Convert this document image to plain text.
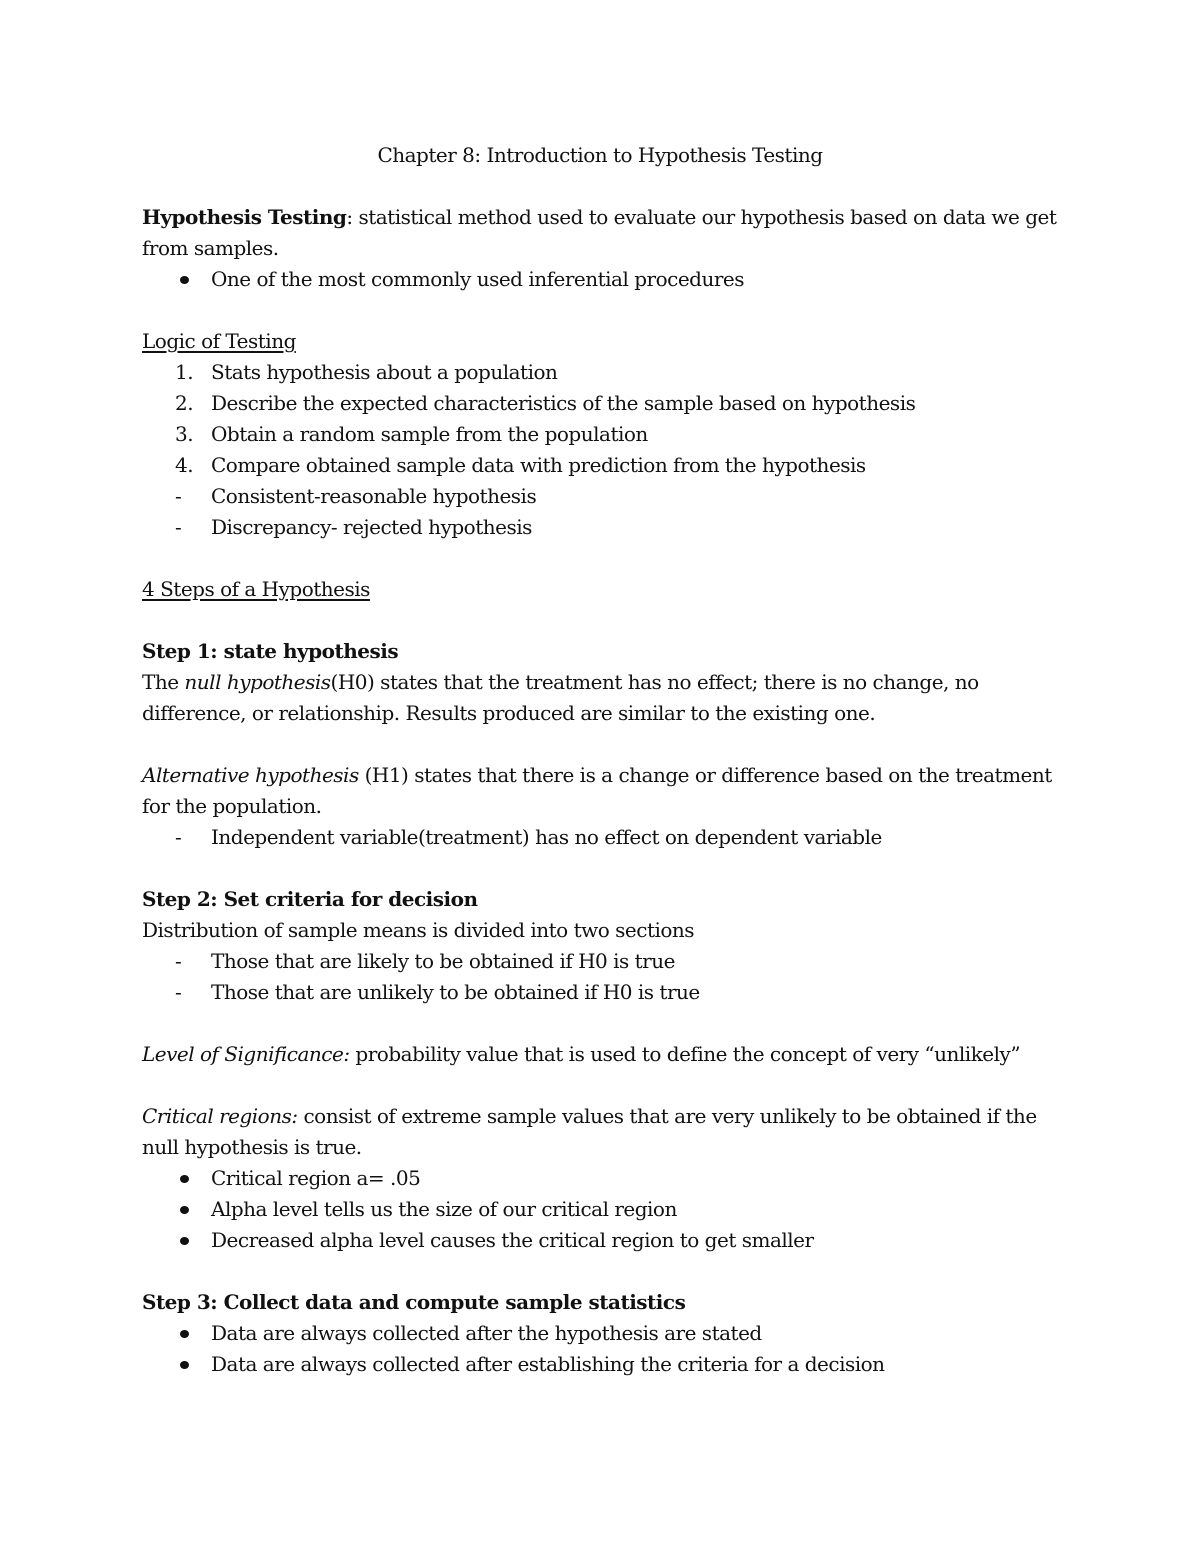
Chapter 8: Introduction to Hypothesis Testing

Hypothesis Testing: statistical method used to evaluate our hypothesis based on data we get from samples.

One of the most commonly used inferential procedures

Logic of Testing

1. Stats hypothesis about a population
2. Describe the expected characteristics of the sample based on hypothesis
3. Obtain a random sample from the population
4. Compare obtained sample data with prediction from the hypothesis
-	Consistent-reasonable hypothesis
-	Discrepancy- rejected hypothesis

4 Steps of a Hypothesis

Step 1: state hypothesis

The null hypothesis(H0) states that the treatment has no effect; there is no change, no difference, or relationship. Results produced are similar to the existing one.

Alternative hypothesis (H1) states that there is a change or difference based on the treatment for the population.

-	Independent variable(treatment) has no effect on dependent variable

Step 2: Set criteria for decision

Distribution of sample means is divided into two sections

-	Those that are likely to be obtained if H0 is true
-	Those that are unlikely to be obtained if H0 is true

Level of Significance: probability value that is used to define the concept of very “unlikely”

Critical regions: consist of extreme sample values that are very unlikely to be obtained if the null hypothesis is true.

Critical region a= .05
Alpha level tells us the size of our critical region
Decreased alpha level causes the critical region to get smaller

Step 3: Collect data and compute sample statistics

Data are always collected after the hypothesis are stated
Data are always collected after establishing the criteria for a decision
